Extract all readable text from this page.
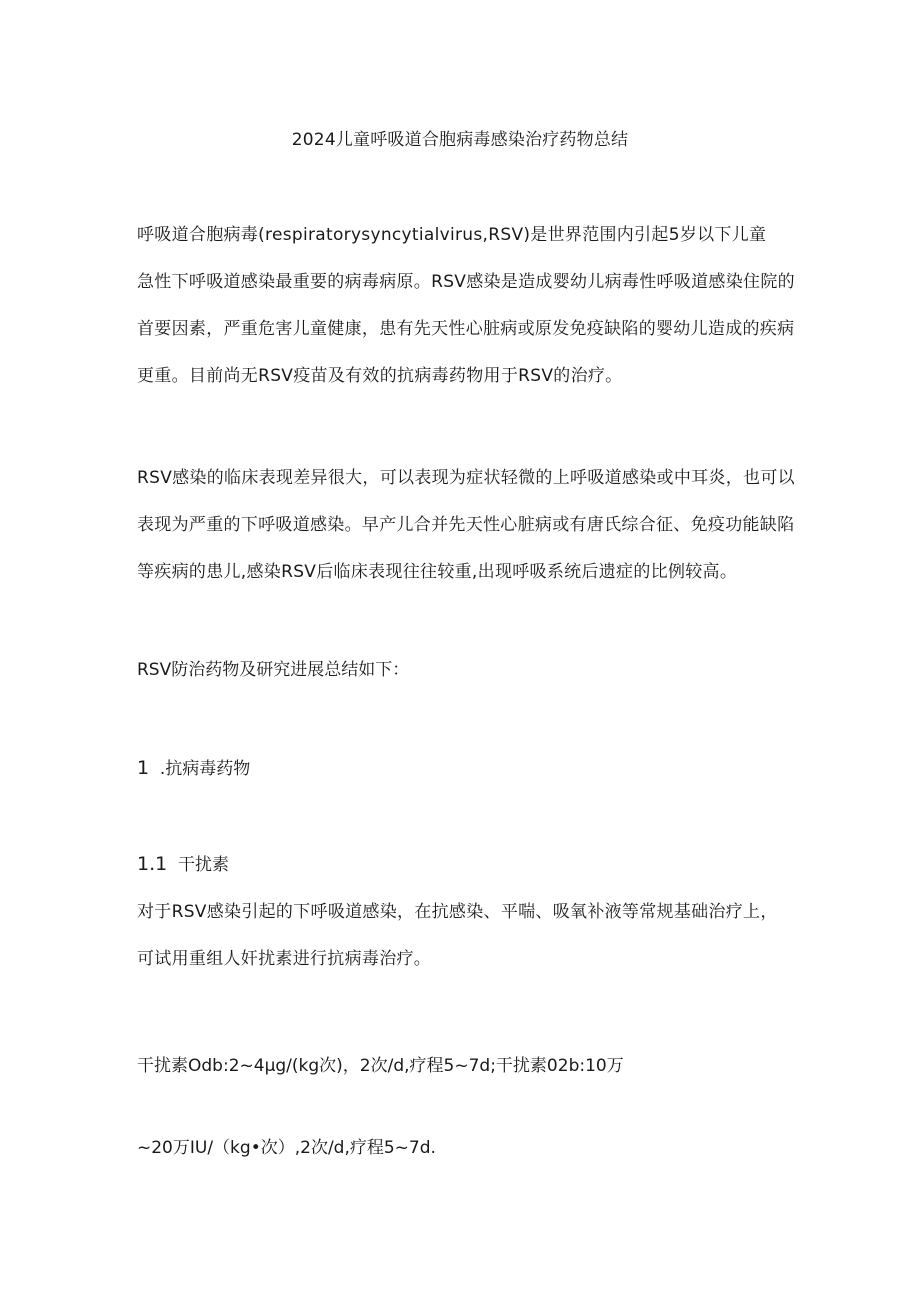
2024儿童呼吸道合胞病毒感染治疗药物总结
呼吸道合胞病毒(respiratorysyncytialvirus,RSV)是世界范围内引起5岁以下儿童
急性下呼吸道感染最重要的病毒病原。RSV感染是造成婴幼儿病毒性呼吸道感染住院的
首要因素，严重危害儿童健康，患有先天性心脏病或原发免疫缺陷的婴幼儿造成的疾病
更重。目前尚无RSV疫苗及有效的抗病毒药物用于RSV的治疗。
RSV感染的临床表现差异很大，可以表现为症状轻微的上呼吸道感染或中耳炎，也可以
表现为严重的下呼吸道感染。早产儿合并先天性心脏病或有唐氏综合征、免疫功能缺陷
等疾病的患儿,感染RSV后临床表现往往较重,出现呼吸系统后遗症的比例较高。
RSV防治药物及研究进展总结如下：
1 .抗病毒药物
1.1 干扰素
对于RSV感染引起的下呼吸道感染，在抗感染、平喘、吸氧补液等常规基础治疗上，
可试用重组人奸扰素进行抗病毒治疗。
干扰素Odb:2~4μg/(kg次)，2次/d,疗程5~7d;干扰素02b:10万
~20万IU/（kg•次）,2次/d,疗程5~7d.
